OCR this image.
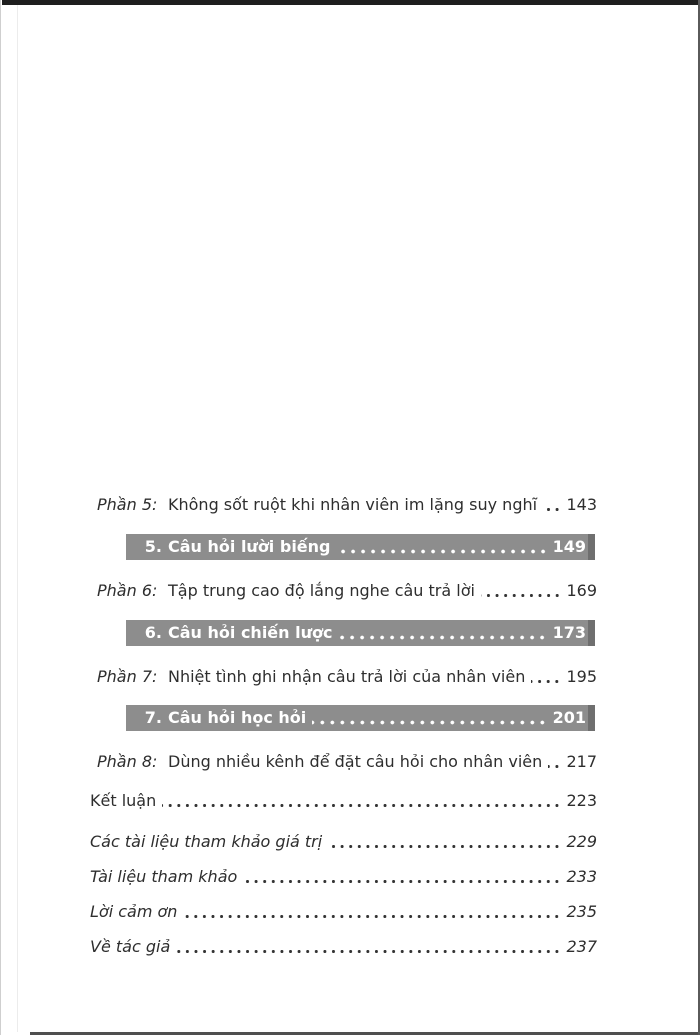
Phần 5: Không sốt ruột khi nhân viên im lặng suy nghĩ 143
5. Câu hỏi lười biếng	149
Phần 6: Tập trung cao độ lắng nghe câu trả lời	169
6. Câu hỏi chiến lược	173
Phần 7: Nhiệt tình ghi nhận câu trả lời của nhân viên	195
7. Câu hỏi học hỏi	201
Phần 8: Dùng nhiều kênh để đặt câu hỏi cho nhân viên 217
Kết luận	223
Các tài liệu tham khảo giá trị	229
Tài liệu tham khảo	233
Lời cảm ơn	235
Về tác giả	237
